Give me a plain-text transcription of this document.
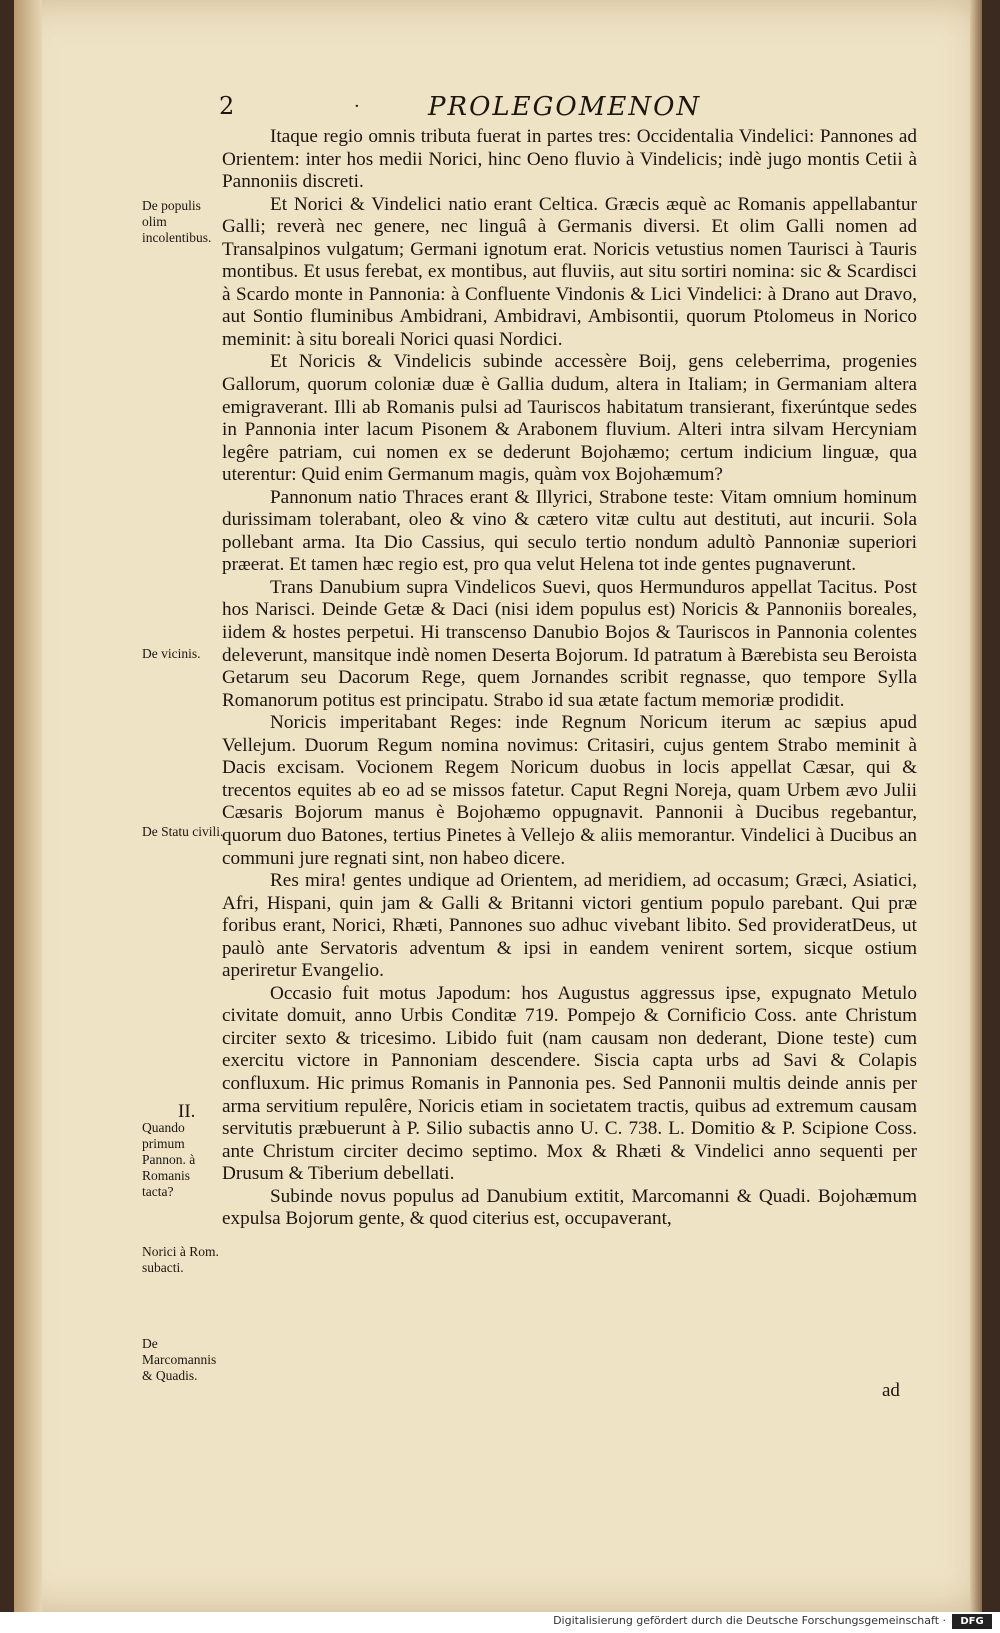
2	·	PROLEGOMENON
De populis olim incolentibus.
De vicinis.
De Statu civili.
II.
Quando primum Pannon. à Romanis tacta?
Norici à Rom. subacti.
De Marcomannis & Quadis.

Itaque regio omnis tributa fuerat in partes tres: Occidentalia Vindelici: Pannones ad Orientem: inter hos medii Norici, hinc Oeno fluvio à Vindelicis; indè jugo montis Cetii à Pannoniis discreti.

Et Norici & Vindelici natio erant Celtica. Græcis æquè ac Romanis appellabantur Galli; reverà nec genere, nec linguâ à Germanis diversi. Et olim Galli nomen ad Transalpinos vulgatum; Germani ignotum erat. Noricis vetustius nomen Taurisci à Tauris montibus. Et usus ferebat, ex montibus, aut fluviis, aut situ sortiri nomina: sic & Scardisci à Scardo monte in Pannonia: à Confluente Vindonis & Lici Vindelici: à Drano aut Dravo, aut Sontio fluminibus Ambidrani, Ambidravi, Ambisontii, quorum Ptolomeus in Norico meminit: à situ boreali Norici quasi Nordici.

Et Noricis & Vindelicis subinde accessère Boij, gens celeberrima, progenies Gallorum, quorum coloniæ duæ è Gallia dudum, altera in Italiam; in Germaniam altera emigraverant. Illi ab Romanis pulsi ad Tauriscos habitatum transierant, fixerúntque sedes in Pannonia inter lacum Pisonem & Arabonem fluvium. Alteri intra silvam Hercyniam legêre patriam, cui nomen ex se dederunt Bojohæmo; certum indicium linguæ, qua uterentur: Quid enim Germanum magis, quàm vox Bojohæmum?

Pannonum natio Thraces erant & Illyrici, Strabone teste: Vitam omnium hominum durissimam tolerabant, oleo & vino & cætero vitæ cultu aut destituti, aut incurii. Sola pollebant arma. Ita Dio Cassius, qui seculo tertio nondum adultò Pannoniæ superiori præerat. Et tamen hæc regio est, pro qua velut Helena tot inde gentes pugnaverunt.

Trans Danubium supra Vindelicos Suevi, quos Hermunduros appellat Tacitus. Post hos Narisci. Deinde Getæ & Daci (nisi idem populus est) Noricis & Pannoniis boreales, iidem & hostes perpetui. Hi transcenso Danubio Bojos & Tauriscos in Pannonia colentes deleverunt, mansitque indè nomen Deserta Bojorum. Id patratum à Bærebista seu Beroista Getarum seu Dacorum Rege, quem Jornandes scribit regnasse, quo tempore Sylla Romanorum potitus est principatu. Strabo id sua ætate factum memoriæ prodidit.

Noricis imperitabant Reges: inde Regnum Noricum iterum ac sæpius apud Vellejum. Duorum Regum nomina novimus: Critasiri, cujus gentem Strabo meminit à Dacis excisam. Vocionem Regem Noricum duobus in locis appellat Cæsar, qui & trecentos equites ab eo ad se missos fatetur. Caput Regni Noreja, quam Urbem ævo Julii Cæsaris Bojorum manus è Bojohæmo oppugnavit. Pannonii à Ducibus regebantur, quorum duo Batones, tertius Pinetes à Vellejo & aliis memorantur. Vindelici à Ducibus an communi jure regnati sint, non habeo dicere.

Res mira! gentes undique ad Orientem, ad meridiem, ad occasum; Græci, Asiatici, Afri, Hispani, quin jam & Galli & Britanni victori gentium populo parebant. Qui præ foribus erant, Norici, Rhæti, Pannones suo adhuc vivebant libito. Sed provideratDeus, ut paulò ante Servatoris adventum & ipsi in eandem venirent sortem, sicque ostium aperiretur Evangelio.

Occasio fuit motus Japodum: hos Augustus aggressus ipse, expugnato Metulo civitate domuit, anno Urbis Conditæ 719. Pompejo & Cornificio Coss. ante Christum circiter sexto & tricesimo. Libido fuit (nam causam non dederant, Dione teste) cum exercitu victore in Pannoniam descendere. Siscia capta urbs ad Savi & Colapis confluxum. Hic primus Romanis in Pannonia pes. Sed Pannonii multis deinde annis per arma servitium repulêre, Noricis etiam in societatem tractis, quibus ad extremum causam servitutis præbuerunt à P. Silio subactis anno U. C. 738. L. Domitio & P. Scipione Coss. ante Christum circiter decimo septimo. Mox & Rhæti & Vindelici anno sequenti per Drusum & Tiberium debellati.

Subinde novus populus ad Danubium extitit, Marcomanni & Quadi. Bojohæmum expulsa Bojorum gente, & quod citerius est, occupaverant,

ad
Digitalisierung gefördert durch die Deutsche Forschungsgemeinschaft ·	DFG
